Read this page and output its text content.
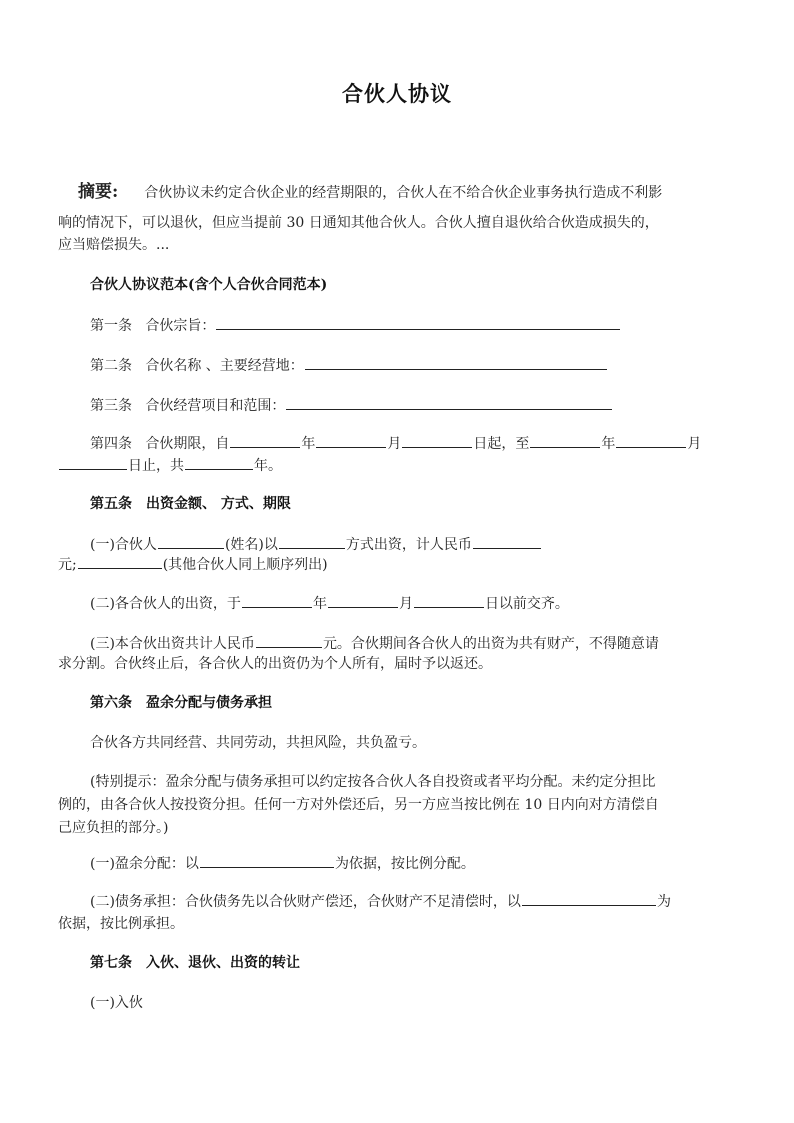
合伙人协议
摘要: 合伙协议未约定合伙企业的经营期限的，合伙人在不给合伙企业事务执行造成不利影
响的情况下，可以退伙，但应当提前 30 日通知其他合伙人。合伙人擅自退伙给合伙造成损失的，
应当赔偿损失。...
合伙人协议范本(含个人合伙合同范本)
第一条 合伙宗旨：
第二条 合伙名称 、主要经营地：
第三条 合伙经营项目和范围：
第四条 合伙期限，自	年	月	日起，至	年	月
日止，共	年。
第五条　出资金额、 方式、期限
(一)合伙人	(姓名)以	方式出资，计人民币
元;	(其他合伙人同上顺序列出)
(二)各合伙人的出资，于	年	月	日以前交齐。
(三)本合伙出资共计人民币	元。合伙期间各合伙人的出资为共有财产，不得随意请
求分割。合伙终止后，各合伙人的出资仍为个人所有，届时予以返还。
第六条　盈余分配与债务承担
合伙各方共同经营、共同劳动，共担风险，共负盈亏。
(特别提示：盈余分配与债务承担可以约定按各合伙人各自投资或者平均分配。未约定分担比
例的，由各合伙人按投资分担。任何一方对外偿还后，另一方应当按比例在 10 日内向对方清偿自
己应负担的部分。)
(一)盈余分配：以	为依据，按比例分配。
(二)债务承担：合伙债务先以合伙财产偿还，合伙财产不足清偿时，以	为
依据，按比例承担。
第七条　入伙、退伙、出资的转让
(一)入伙
